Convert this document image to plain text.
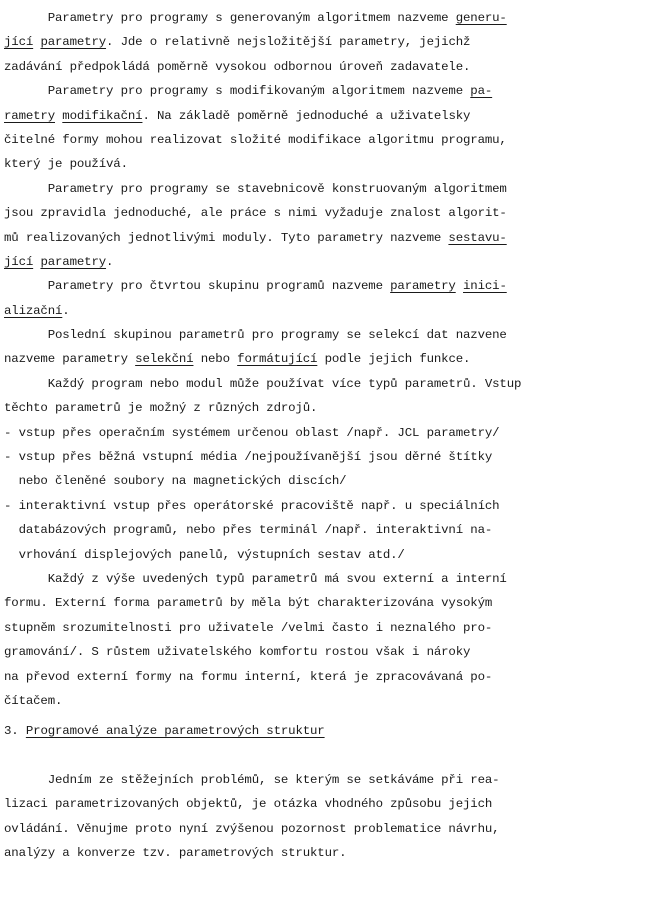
Parametry pro programy s generovaným algoritmem nazveme generu-
jící parametry. Jde o relativně nejsložitější parametry, jejichž
zadávání předpokládá poměrně vysokou odbornou úroveň zadavatele.
Parametry pro programy s modifikovaným algoritmem nazveme pa-
rametry modifikační. Na základě poměrně jednoduché a uživatelsky
čitelné formy mohou realizovat složité modifikace algoritmu programu,
který je používá.
Parametry pro programy se stavebnicově konstruovaným algoritmem
jsou zpravidla jednoduché, ale práce s nimi vyžaduje znalost algorit-
mů realizovaných jednotlivými moduly. Tyto parametry nazveme sestavu-
jící parametry.
Parametry pro čtvrtou skupinu programů nazveme parametry inici-
alizační.
Poslední skupinou parametrů pro programy se selekcí dat nazvene
nazveme parametry selekční nebo formátující podle jejich funkce.
Každý program nebo modul může používat více typů parametrů. Vstup
těchto parametrů je možný z různých zdrojů.
- vstup přes operačním systémem určenou oblast /např. JCL parametry/
- vstup přes běžná vstupní média /nejpoužívanější jsou děrné štítky
nebo členěné soubory na magnetických discích/
- interaktivní vstup přes operátorské pracoviště např. u speciálních
databázových programů, nebo přes terminál /např. interaktivní na-
vrhování displejových panelů, výstupních sestav atd./
Každý z výše uvedených typů parametrů má svou externí a interní
formu. Externí forma parametrů by měla být charakterizována vysokým
stupněm srozumitelnosti pro uživatele /velmi často i neznalého pro-
gramování/. S růstem uživatelského komfortu rostou však i nároky
na převod externí formy na formu interní, která je zpracovávaná po-
čítačem.
3. Programové analýze parametrových struktur
Jedním ze stěžejních problémů, se kterým se setkáváme při rea-
lizaci parametrizovaných objektů, je otázka vhodného způsobu jejich
ovládání. Věnujme proto nyní zvýšenou pozornost problematice návrhu,
analýzy a konverze tzv. parametrových struktur.
